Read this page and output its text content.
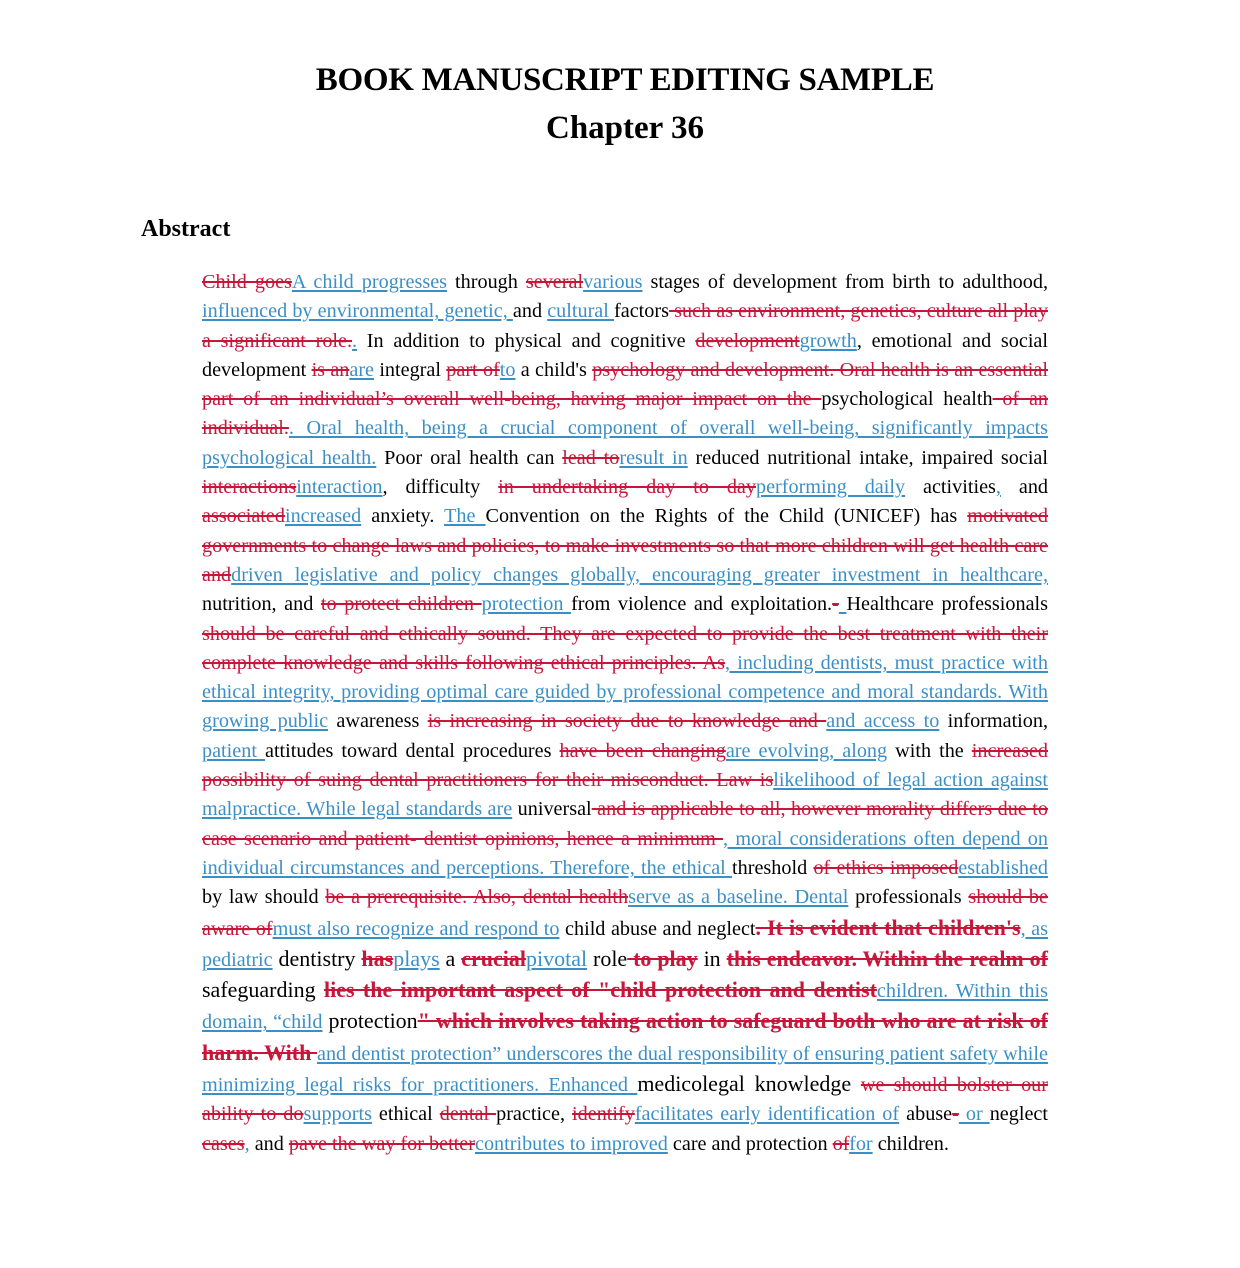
BOOK MANUSCRIPT EDITING SAMPLE
Chapter 36
Abstract
Child goesA child progresses through severalvarious stages of development from birth to adulthood, influenced by environmental, genetic, and cultural factors such as environment, genetics, culture all play a significant role.. In addition to physical and cognitive developmentgrowth, emotional and social development is anare integral part ofto a child's psychology and development. Oral health is an essential part of an individual’s overall well-being, having major impact on the psychological health of an individual.. Oral health, being a crucial component of overall well-being, significantly impacts psychological health. Poor oral health can lead toresult in reduced nutritional intake, impaired social interactionsinteraction, difficulty in undertaking day to dayperforming daily activities, and associatedincreased anxiety. The Convention on the Rights of the Child (UNICEF) has motivated governments to change laws and policies, to make investments so that more children will get health care anddriven legislative and policy changes globally, encouraging greater investment in healthcare, nutrition, and to protect children protection from violence and exploitation.- Healthcare professionals should be careful and ethically sound. They are expected to provide the best treatment with their complete knowledge and skills following ethical principles. As, including dentists, must practice with ethical integrity, providing optimal care guided by professional competence and moral standards. With growing public awareness is increasing in society due to knowledge and and access to information, patient attitudes toward dental procedures have been changingare evolving, along with the increased possibility of suing dental practitioners for their misconduct. Law islikelihood of legal action against malpractice. While legal standards are universal and is applicable to all, however morality differs due to case scenario and patient- dentist opinions, hence a minimum , moral considerations often depend on individual circumstances and perceptions. Therefore, the ethical threshold of ethics imposedestablished by law should be a prerequisite. Also, dental healthserve as a baseline. Dental professionals should be aware ofmust also recognize and respond to child abuse and neglect. It is evident that children's, as pediatric dentistry hasplays a crucialpivotal role to play in this endeavor. Within the realm of safeguarding lies the important aspect of "child protection and dentistchildren. Within this domain, “child protection" which involves taking action to safeguard both who are at risk of harm. With and dentist protection” underscores the dual responsibility of ensuring patient safety while minimizing legal risks for practitioners. Enhanced medicolegal knowledge we should bolster our ability to dosupports ethical dental practice, identifyfacilitates early identification of abuse- or neglect cases, and pave the way for bettercontributes to improved care and protection offor children.
